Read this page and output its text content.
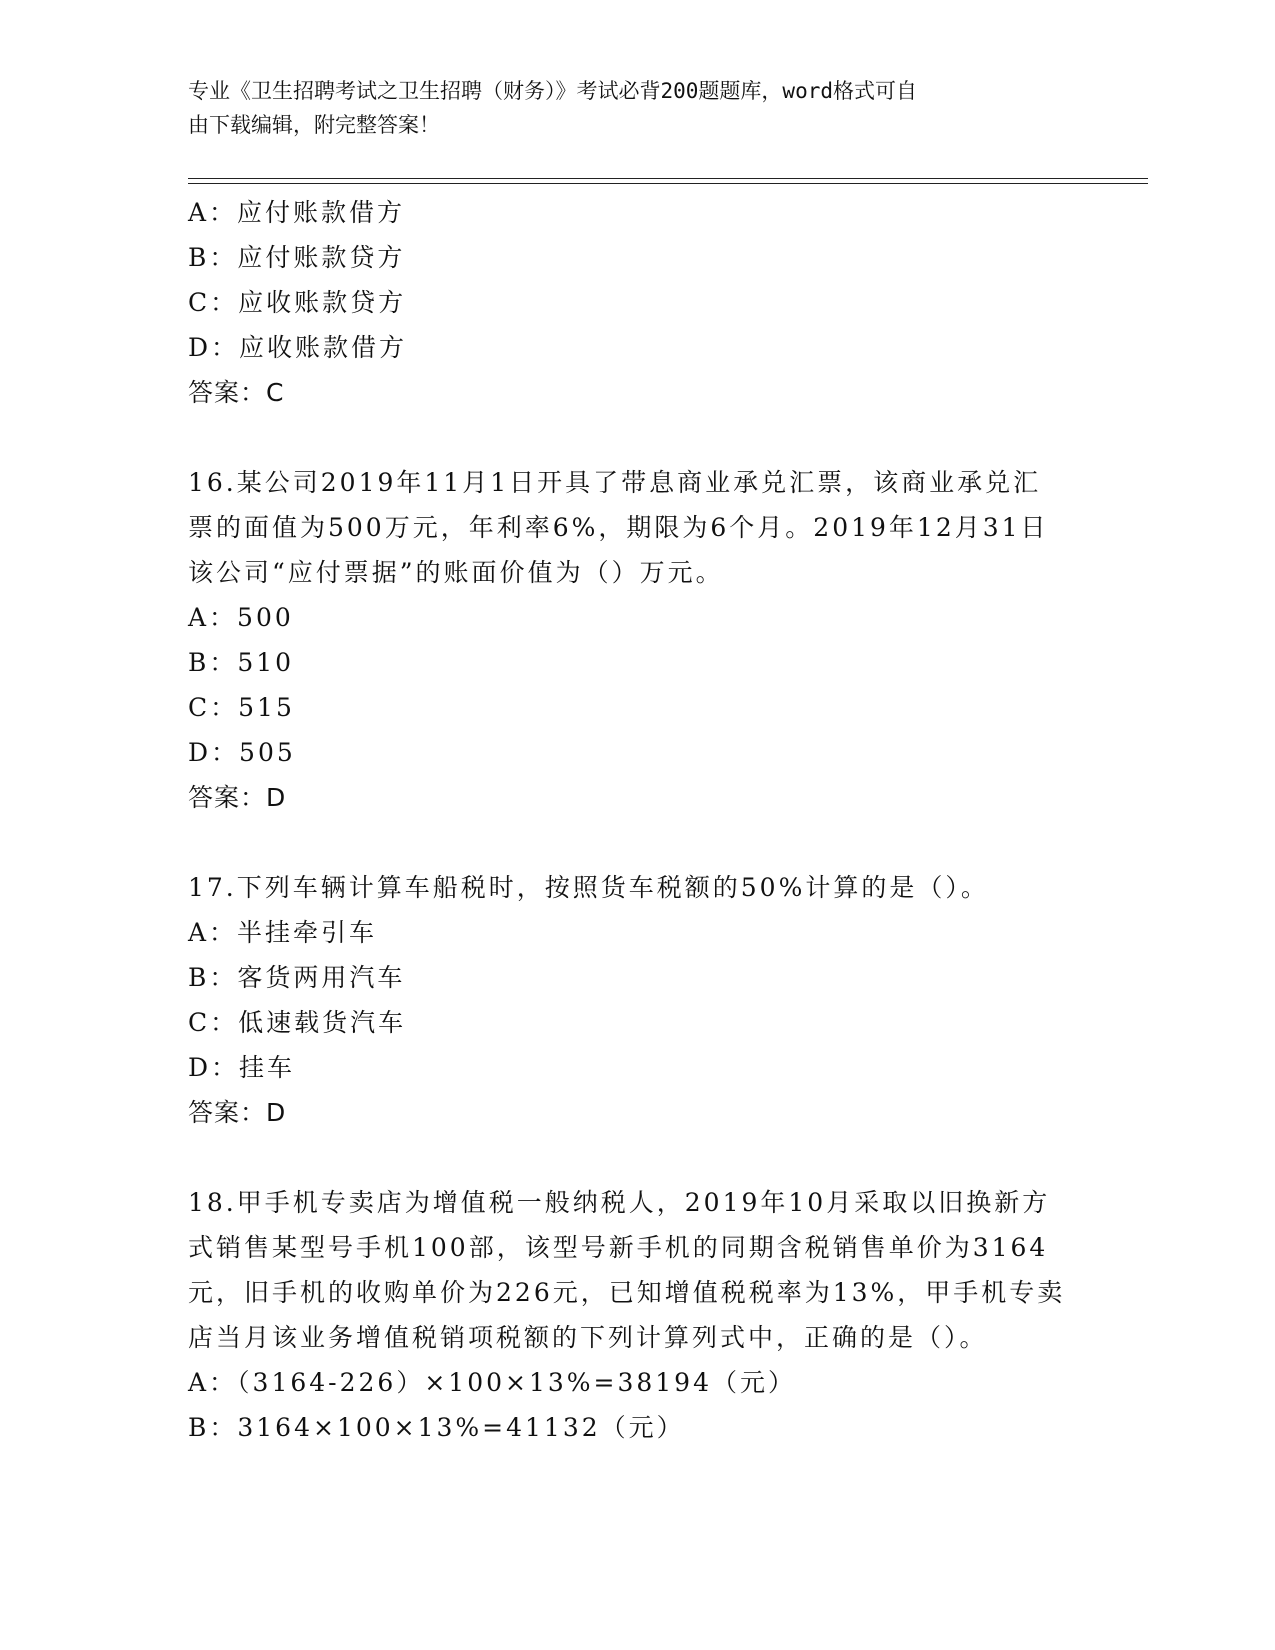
专业《卫生招聘考试之卫生招聘（财务）》考试必背200题题库，word格式可自
由下载编辑，附完整答案！
A：应付账款借方
B：应付账款贷方
C：应收账款贷方
D：应收账款借方
答案：C
16.某公司2019年11月1日开具了带息商业承兑汇票，该商业承兑汇
票的面值为500万元，年利率6%，期限为6个月。2019年12月31日
该公司“应付票据”的账面价值为（）万元。
A：500
B：510
C：515
D：505
答案：D
17.下列车辆计算车船税时，按照货车税额的50%计算的是（）。
A：半挂牵引车
B：客货两用汽车
C：低速载货汽车
D：挂车
答案：D
18.甲手机专卖店为增值税一般纳税人，2019年10月采取以旧换新方
式销售某型号手机100部，该型号新手机的同期含税销售单价为3164
元，旧手机的收购单价为226元，已知增值税税率为13%，甲手机专卖
店当月该业务增值税销项税额的下列计算列式中，正确的是（）。
A：（3164-226）×100×13%=38194（元）
B：3164×100×13%=41132（元）
